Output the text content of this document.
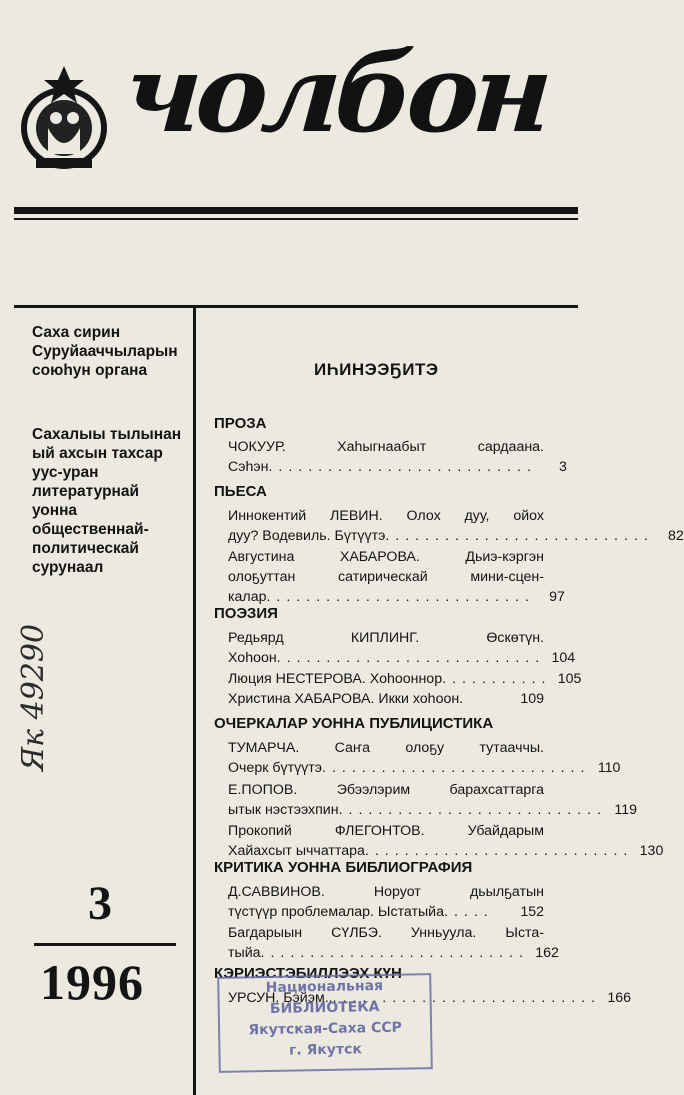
чолбон
Саха сирин
Суруйааччыларын
союһун органа
Сахалыы тылынан
ый ахсын тахсар
уус-уран
литературнай
уонна
общественнай-
политическай
сурунаал
Як 49290
3
1996
ИҺИНЭЭҔИТЭ
ПРОЗА
ЧОКУУР. Хаһыгнаабыт сардаана.
Сэһэн. ..........................	3
ПЬЕСА
Иннокентий ЛЕВИН. Олох дуу, ойох
дуу? Водевиль. Бүтүүтэ. ..........................	82
Августина ХАБАРОВА. Дьиэ-кэргэн
олоҕуттан сатирическай мини-сцен-
калар. ..........................	97
ПОЭЗИЯ
Редьярд КИПЛИНГ. Өскөтүн.
Хоһоон. .......................... 104
Люция НЕСТЕРОВА. Хоһооннор. .......... 105
Христина ХАБАРОВА. Икки хоһоон.	109
ОЧЕРКАЛАР УОННА ПУБЛИЦИСТИКА
ТУМАРЧА. Саҥа олоҕу тутааччы.
Очерк бүтүүтэ. .......................... 110
Е.ПОПОВ. Эбээлэрим барахсаттарга
ытык нэстээхпин. .......................... 119
Прокопий ФЛЕГОНТОВ. Убайдарым
Хайахсыт ыччаттара. .......................... 130
КРИТИКА УОННА БИБЛИОГРАФИЯ
Д.САВВИНОВ. Норуот дьылҕатын
түстүүр проблемалар. Ыстатыйа. ....	152
Багдарыын СҮЛБЭ. Унньуула. Ыста-
тыйа. .......................... 162
КЭРИЭСТЭБИЛЛЭЭХ КҮН
УРСУН. Бэйэм... .......................... 166
Национальная
БИБЛИОТЕКА
Якутская-Саха ССР
г. Якутск
